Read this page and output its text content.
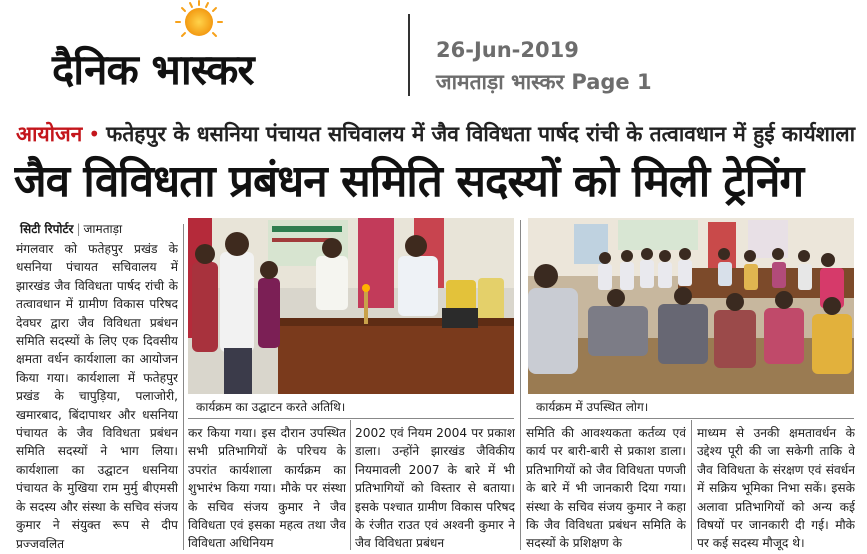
दैनिक भास्कर	26-Jun-2019
जामताड़ा भास्कर Page 1
आयोजन • फतेहपुर के धसनिया पंचायत सचिवालय में जैव विविधता पार्षद रांची के तत्वावधान में हुई कार्यशाला
जैव विविधता प्रबंधन समिति सदस्यों को मिली ट्रेनिंग
सिटी रिपोर्टर | जामताड़ा
मंगलवार को फतेहपुर प्रखंड के धसनिया पंचायत सचिवालय में झारखंड जैव विविधता पार्षद रांची के तत्वावधान में ग्रामीण विकास परिषद देवघर द्वारा जैव विविधता प्रबंधन समिति सदस्यों के लिए एक दिवसीय क्षमता वर्धन कार्यशाला का आयोजन किया गया। कार्यशाला में फतेहपुर प्रखंड के चापुड़िया, पलाजोरी, खमारबाद, बिंदापाथर और धसनिया पंचायत के जैव विविधता प्रबंधन समिति सदस्यों ने भाग लिया। कार्यशाला का उद्घाटन धसनिया पंचायत के मुखिया राम मुर्मु बीएमसी के सदस्य और संस्था के सचिव संजय कुमार ने संयुक्त रूप से दीप प्रज्जवलित
कर किया गया। इस दौरान उपस्थित सभी प्रतिभागियों के परिचय के उपरांत कार्यशाला कार्यक्रम का शुभारंभ किया गया। मौके पर संस्था के सचिव संजय कुमार ने जैव विविधता एवं इसका महत्व तथा जैव विविधता अधिनियम
2002 एवं नियम 2004 पर प्रकाश डाला। उन्होंने झारखंड जैविकीय नियमावली 2007 के बारे में भी प्रतिभागियों को विस्तार से बताया। इसके पश्चात ग्रामीण विकास परिषद के रंजीत राउत एवं अश्वनी कुमार ने जैव विविधता प्रबंधन
समिति की आवश्यकता कर्तव्य एवं कार्य पर बारी-बारी से प्रकाश डाला। प्रतिभागियों को जैव विविधता पणजी के बारे में भी जानकारी दिया गया। संस्था के सचिव संजय कुमार ने कहा कि जैव विविधता प्रबंधन समिति के सदस्यों के प्रशिक्षण के
माध्यम से उनकी क्षमतावर्धन के उद्देश्य पूरी की जा सकेगी ताकि वे जैव विविधता के संरक्षण एवं संवर्धन में सक्रिय भूमिका निभा सकें। इसके अलावा प्रतिभागियों को अन्य कई विषयों पर जानकारी दी गई। मौके पर कई सदस्य मौजूद थे।
कार्यक्रम का उद्घाटन करते अतिथि।	कार्यक्रम में उपस्थित लोग।
